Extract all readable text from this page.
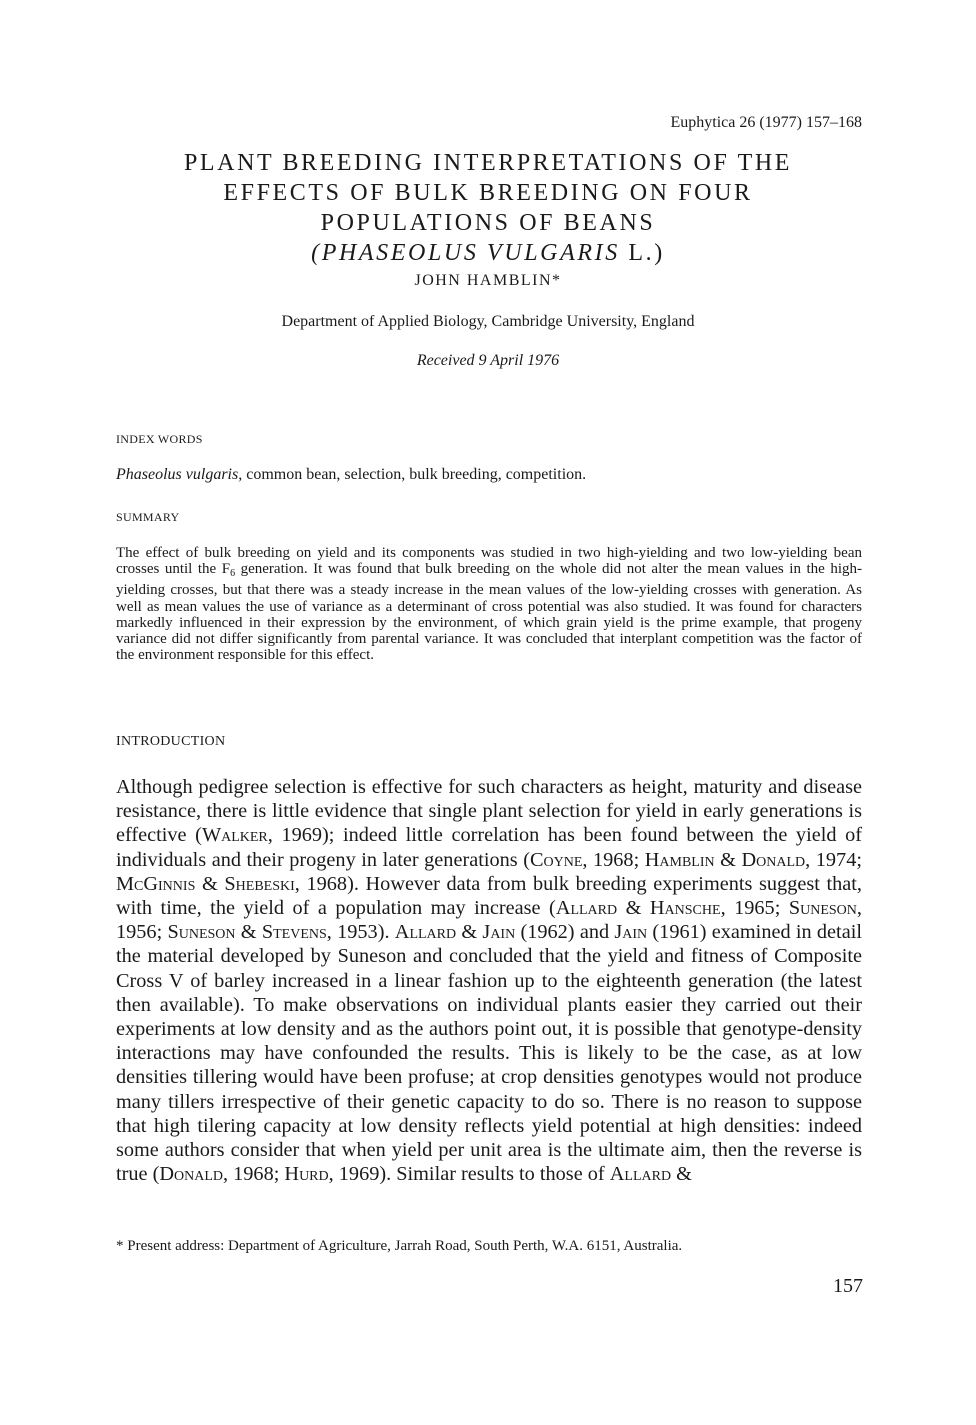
Euphytica 26 (1977) 157–168
PLANT BREEDING INTERPRETATIONS OF THE
EFFECTS OF BULK BREEDING ON FOUR
POPULATIONS OF BEANS
(PHASEOLUS VULGARIS L.)
JOHN HAMBLIN*
Department of Applied Biology, Cambridge University, England
Received 9 April 1976
INDEX WORDS
Phaseolus vulgaris, common bean, selection, bulk breeding, competition.
SUMMARY
The effect of bulk breeding on yield and its components was studied in two high-yielding and two low-yielding bean crosses until the $F_6$ generation. It was found that bulk breeding on the whole did not alter the mean values in the high-yielding crosses, but that there was a steady increase in the mean values of the low-yielding crosses with generation. As well as mean values the use of variance as a determinant of cross potential was also studied. It was found for characters markedly influenced in their expression by the environment, of which grain yield is the prime example, that progeny variance did not differ significantly from parental variance. It was concluded that interplant competition was the factor of the environment responsible for this effect.
INTRODUCTION
Although pedigree selection is effective for such characters as height, maturity and disease resistance, there is little evidence that single plant selection for yield in early generations is effective (Walker, 1969); indeed little correlation has been found between the yield of individuals and their progeny in later generations (Coyne, 1968; Hamblin & Donald, 1974; McGinnis & Shebeski, 1968). However data from bulk breeding experiments suggest that, with time, the yield of a population may increase (Allard & Hansche, 1965; Suneson, 1956; Suneson & Stevens, 1953). Allard & Jain (1962) and Jain (1961) examined in detail the material developed by Suneson and concluded that the yield and fitness of Composite Cross V of barley increased in a linear fashion up to the eighteenth generation (the latest then available). To make observations on individual plants easier they carried out their experiments at low density and as the authors point out, it is possible that genotype-density interactions may have confounded the results. This is likely to be the case, as at low densities tillering would have been profuse; at crop densities genotypes would not produce many tillers irrespective of their genetic capacity to do so. There is no reason to suppose that high tilering capacity at low density reflects yield potential at high densities: indeed some authors consider that when yield per unit area is the ultimate aim, then the reverse is true (Donald, 1968; Hurd, 1969). Similar results to those of Allard &
* Present address: Department of Agriculture, Jarrah Road, South Perth, W.A. 6151, Australia.
157
